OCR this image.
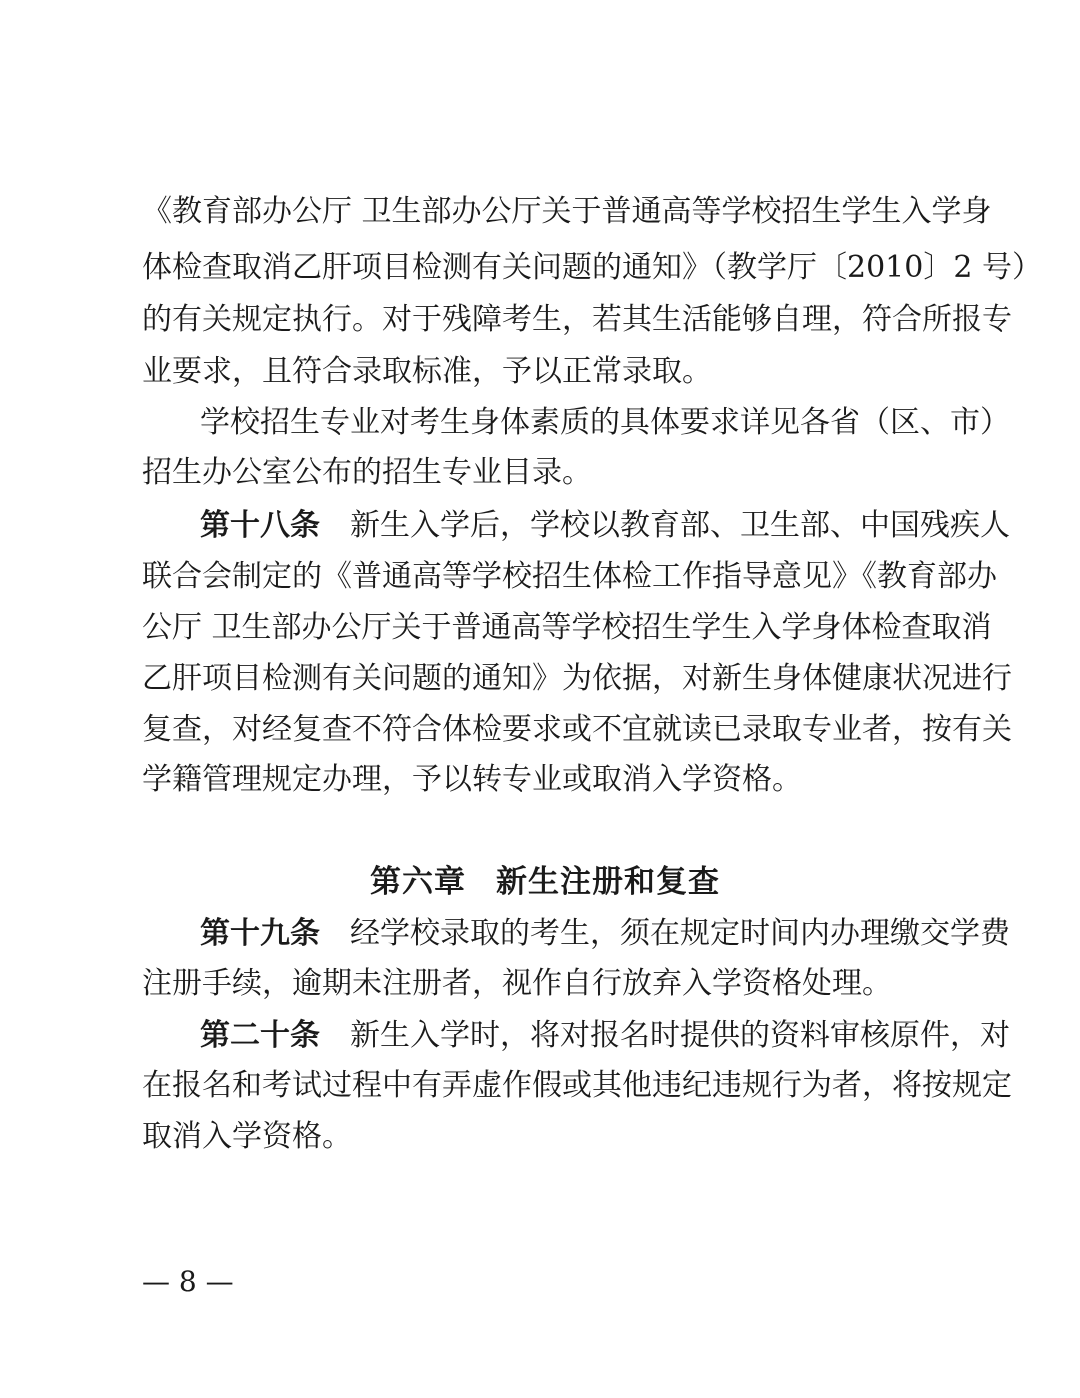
《教育部办公厅 卫生部办公厅关于普通高等学校招生学生入学身
体检查取消乙肝项目检测有关问题的通知》（教学厅〔2010〕2 号）
的有关规定执行。对于残障考生，若其生活能够自理，符合所报专
业要求，且符合录取标准，予以正常录取。
学校招生专业对考生身体素质的具体要求详见各省（区、市）
招生办公室公布的招生专业目录。
第十八条 新生入学后，学校以教育部、卫生部、中国残疾人
联合会制定的《普通高等学校招生体检工作指导意见》《教育部办
公厅 卫生部办公厅关于普通高等学校招生学生入学身体检查取消
乙肝项目检测有关问题的通知》为依据，对新生身体健康状况进行
复查，对经复查不符合体检要求或不宜就读已录取专业者，按有关
学籍管理规定办理，予以转专业或取消入学资格。
第六章 新生注册和复查
第十九条 经学校录取的考生，须在规定时间内办理缴交学费
注册手续，逾期未注册者，视作自行放弃入学资格处理。
第二十条 新生入学时，将对报名时提供的资料审核原件，对
在报名和考试过程中有弄虚作假或其他违纪违规行为者，将按规定
取消入学资格。
— 8 —
